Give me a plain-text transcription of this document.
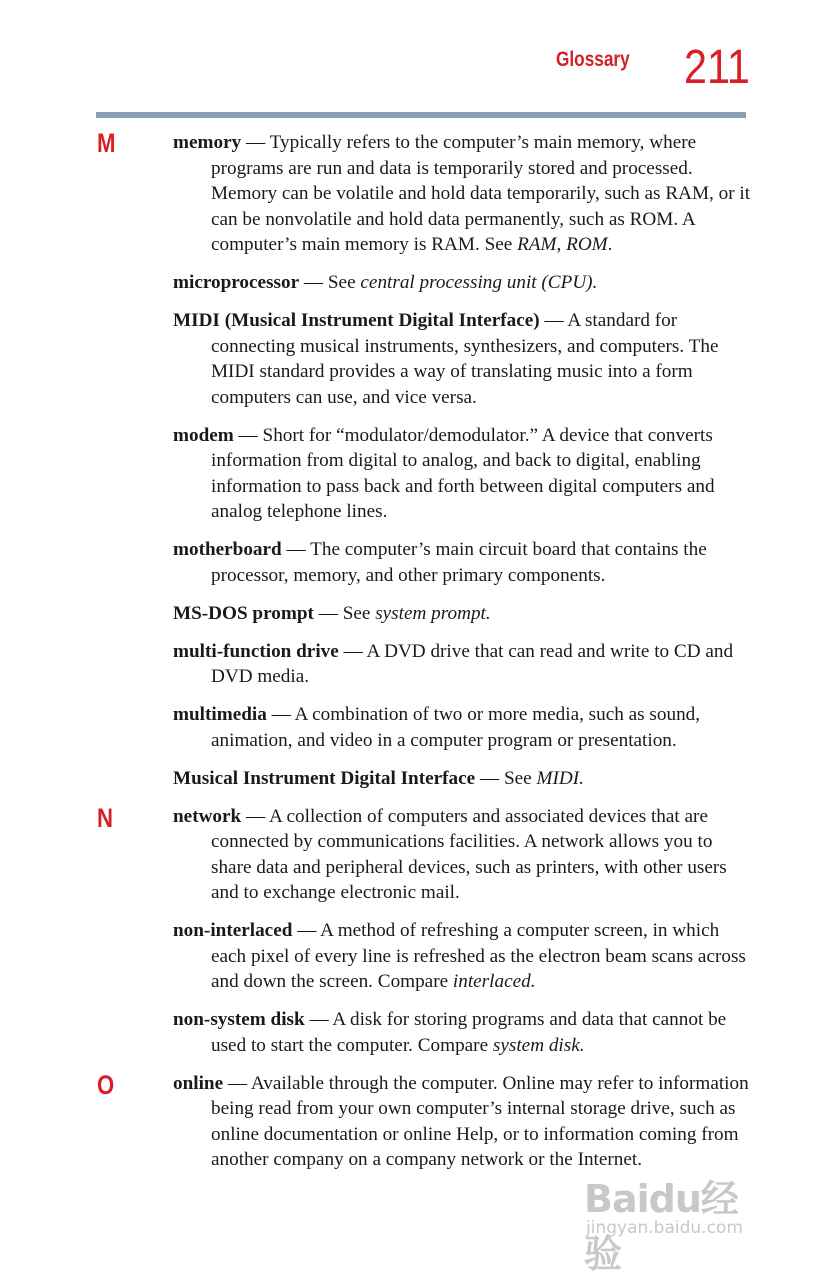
Glossary 211
M
N
O

memory — Typically refers to the computer’s main memory, where programs are run and data is temporarily stored and processed. Memory can be volatile and hold data temporarily, such as RAM, or it can be nonvolatile and hold data permanently, such as ROM. A computer’s main memory is RAM. See RAM, ROM.

microprocessor — See central processing unit (CPU).

MIDI (Musical Instrument Digital Interface) — A standard for connecting musical instruments, synthesizers, and computers. The MIDI standard provides a way of translating music into a form computers can use, and vice versa.

modem — Short for “modulator/demodulator.” A device that converts information from digital to analog, and back to digital, enabling information to pass back and forth between digital computers and analog telephone lines.

motherboard — The computer’s main circuit board that contains the processor, memory, and other primary components.

MS-DOS prompt — See system prompt.

multi-function drive — A DVD drive that can read and write to CD and DVD media.

multimedia — A combination of two or more media, such as sound, animation, and video in a computer program or presentation.

Musical Instrument Digital Interface — See MIDI.

network — A collection of computers and associated devices that are connected by communications facilities. A network allows you to share data and peripheral devices, such as printers, with other users and to exchange electronic mail.

non-interlaced — A method of refreshing a computer screen, in which each pixel of every line is refreshed as the electron beam scans across and down the screen. Compare interlaced.

non-system disk — A disk for storing programs and data that cannot be used to start the computer. Compare system disk.

online — Available through the computer. Online may refer to information being read from your own computer’s internal storage drive, such as online documentation or online Help, or to information coming from another company on a company network or the Internet.

Baidu经验
jingyan.baidu.com
